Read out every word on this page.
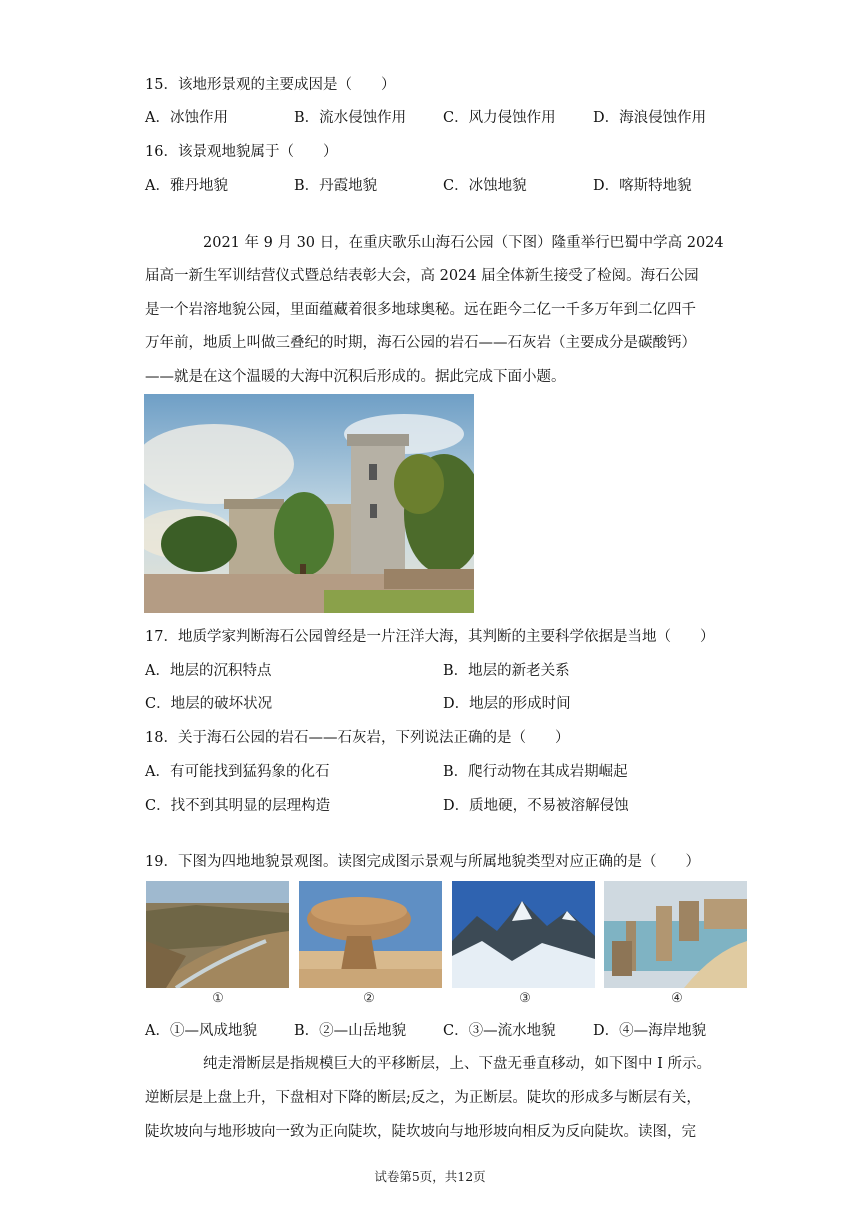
15．该地形景观的主要成因是（　　）
A．冰蚀作用	B．流水侵蚀作用	C．风力侵蚀作用	D．海浪侵蚀作用
16．该景观地貌属于（　　）
A．雅丹地貌	B．丹霞地貌	C．冰蚀地貌	D．喀斯特地貌
2021 年 9 月 30 日，在重庆歌乐山海石公园（下图）隆重举行巴蜀中学高 2024
届高一新生军训结营仪式暨总结表彰大会，高 2024 届全体新生接受了检阅。海石公园
是一个岩溶地貌公园，里面蕴藏着很多地球奥秘。远在距今二亿一千多万年到二亿四千
万年前，地质上叫做三叠纪的时期，海石公园的岩石——石灰岩（主要成分是碳酸钙）
——就是在这个温暖的大海中沉积后形成的。据此完成下面小题。
17．地质学家判断海石公园曾经是一片汪洋大海，其判断的主要科学依据是当地（　　）
A．地层的沉积特点	B．地层的新老关系
C．地层的破坏状况	D．地层的形成时间
18．关于海石公园的岩石——石灰岩，下列说法正确的是（　　）
A．有可能找到猛犸象的化石	B．爬行动物在其成岩期崛起
C．找不到其明显的层理构造	D．质地硬，不易被溶解侵蚀
19．下图为四地地貌景观图。读图完成图示景观与所属地貌类型对应正确的是（　　）
①	②	③	④
A．①—风成地貌	B．②—山岳地貌	C．③—流水地貌	D．④—海岸地貌
纯走滑断层是指规模巨大的平移断层，上、下盘无垂直移动，如下图中 I 所示。
逆断层是上盘上升，下盘相对下降的断层;反之，为正断层。陡坎的形成多与断层有关，
陡坎坡向与地形坡向一致为正向陡坎，陡坎坡向与地形坡向相反为反向陡坎。读图，完
试卷第5页，共12页
